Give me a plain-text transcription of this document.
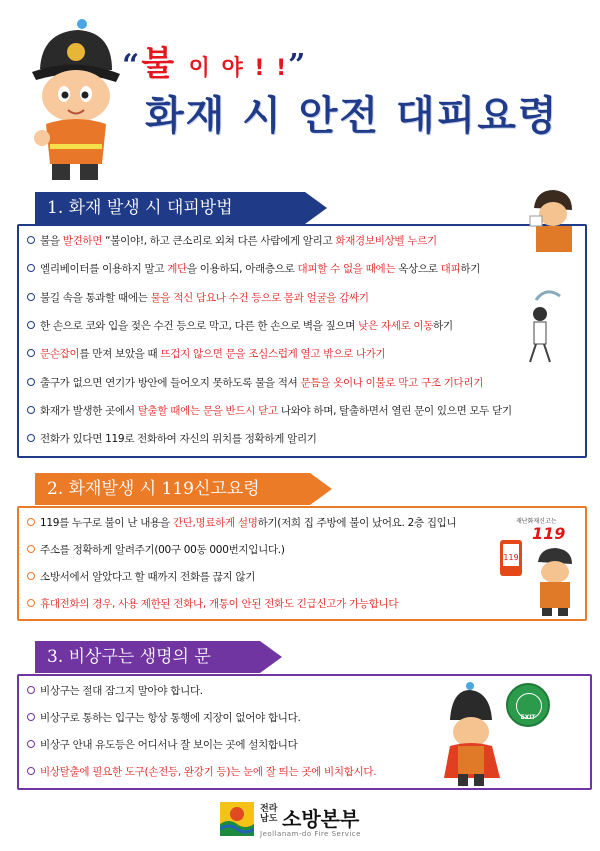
“불 이 야 ! !”
화재 시 안전 대피요령
1. 화재 발생 시 대피방법
불을 발견하면 “불이야!, 하고 큰소리로 외쳐 다른 사람에게 알리고 화재경보비상벨 누르기
엘리베이터를 이용하지 말고 계단을 이용하되, 아래층으로 대피할 수 없을 때에는 옥상으로 대피하기
불길 속을 통과할 때에는 물을 적신 담요나 수건 등으로 몸과 얼굴을 감싸기
한 손으로 코와 입을 젖은 수건 등으로 막고, 다른 한 손으로 벽을 짚으며 낮은 자세로 이동하기
문손잡이를 만져 보았을 때 뜨겁지 않으면 문을 조심스럽게 열고 밖으로 나가기
출구가 없으면 연기가 방안에 들어오지 못하도록 물을 적셔 문틈을 옷이나 이불로 막고 구조 기다리기
화재가 발생한 곳에서 탈출할 때에는 문을 반드시 닫고 나와야 하며, 탈출하면서 열린 문이 있으면 모두 닫기
전화가 있다면 119로 전화하여 자신의 위치를 정확하게 알리기
2. 화재발생 시 119신고요령
119를 누구로 불이 난 내용을 간단,명료하게 설명하기(저희 집 주방에 불이 났어요. 2층 집입니
주소를 정확하게 알려주기(00구 00동 000번지입니다.)
소방서에서 알았다고 할 때까지 전화를 끊지 않기
휴대전화의 경우, 사용 제한된 전화나, 개통이 안된 전화도 긴급신고가 가능합니다
재난화재신고는
119
119
3. 비상구는 생명의 문
비상구는 절대 잠그지 말아야 합니다.
비상구로 통하는 입구는 항상 통행에 지장이 없어야 합니다.
비상구 안내 유도등은 어디서나 잘 보이는 곳에 설치합니다
비상탈출에 필요한 도구(손전등, 완강기 등)는 눈에 잘 띄는 곳에 비치합시다.
EXIT
전라
남도 소방본부
Jeollanam-do Fire Service
